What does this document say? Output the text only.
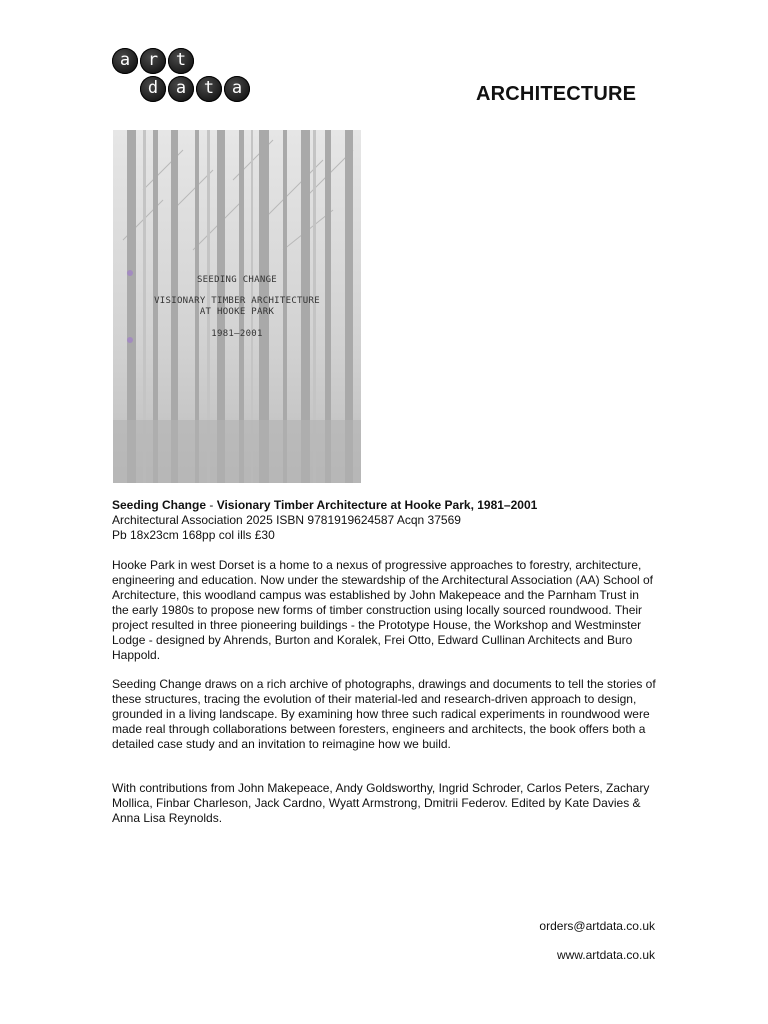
a	r	t
d	a	t	a	ARCHITECTURE
SEEDING CHANGE
VISIONARY TIMBER ARCHITECTURE
AT HOOKE PARK
1981–2001
Seeding Change - Visionary Timber Architecture at Hooke Park, 1981–2001
Architectural Association 2025 ISBN 9781919624587 Acqn 37569
Pb 18x23cm 168pp col ills £30

Hooke Park in west Dorset is a home to a nexus of progressive approaches to forestry, architecture, engineering and education. Now under the stewardship of the Architectural Association (AA) School of Architecture, this woodland campus was established by John Makepeace and the Parnham Trust in the early 1980s to propose new forms of timber construction using locally sourced roundwood. Their project resulted in three pioneering buildings - the Prototype House, the Workshop and Westminster Lodge - designed by Ahrends, Burton and Koralek, Frei Otto, Edward Cullinan Architects and Buro Happold.

Seeding Change draws on a rich archive of photographs, drawings and documents to tell the stories of these structures, tracing the evolution of their material-led and research-driven approach to design, grounded in a living landscape. By examining how three such radical experiments in roundwood were made real through collaborations between foresters, engineers and architects, the book offers both a detailed case study and an invitation to reimagine how we build.

With contributions from John Makepeace, Andy Goldsworthy, Ingrid Schroder, Carlos Peters, Zachary Mollica, Finbar Charleson, Jack Cardno, Wyatt Armstrong, Dmitrii Federov. Edited by Kate Davies & Anna Lisa Reynolds.

orders@artdata.co.uk
www.artdata.co.uk
